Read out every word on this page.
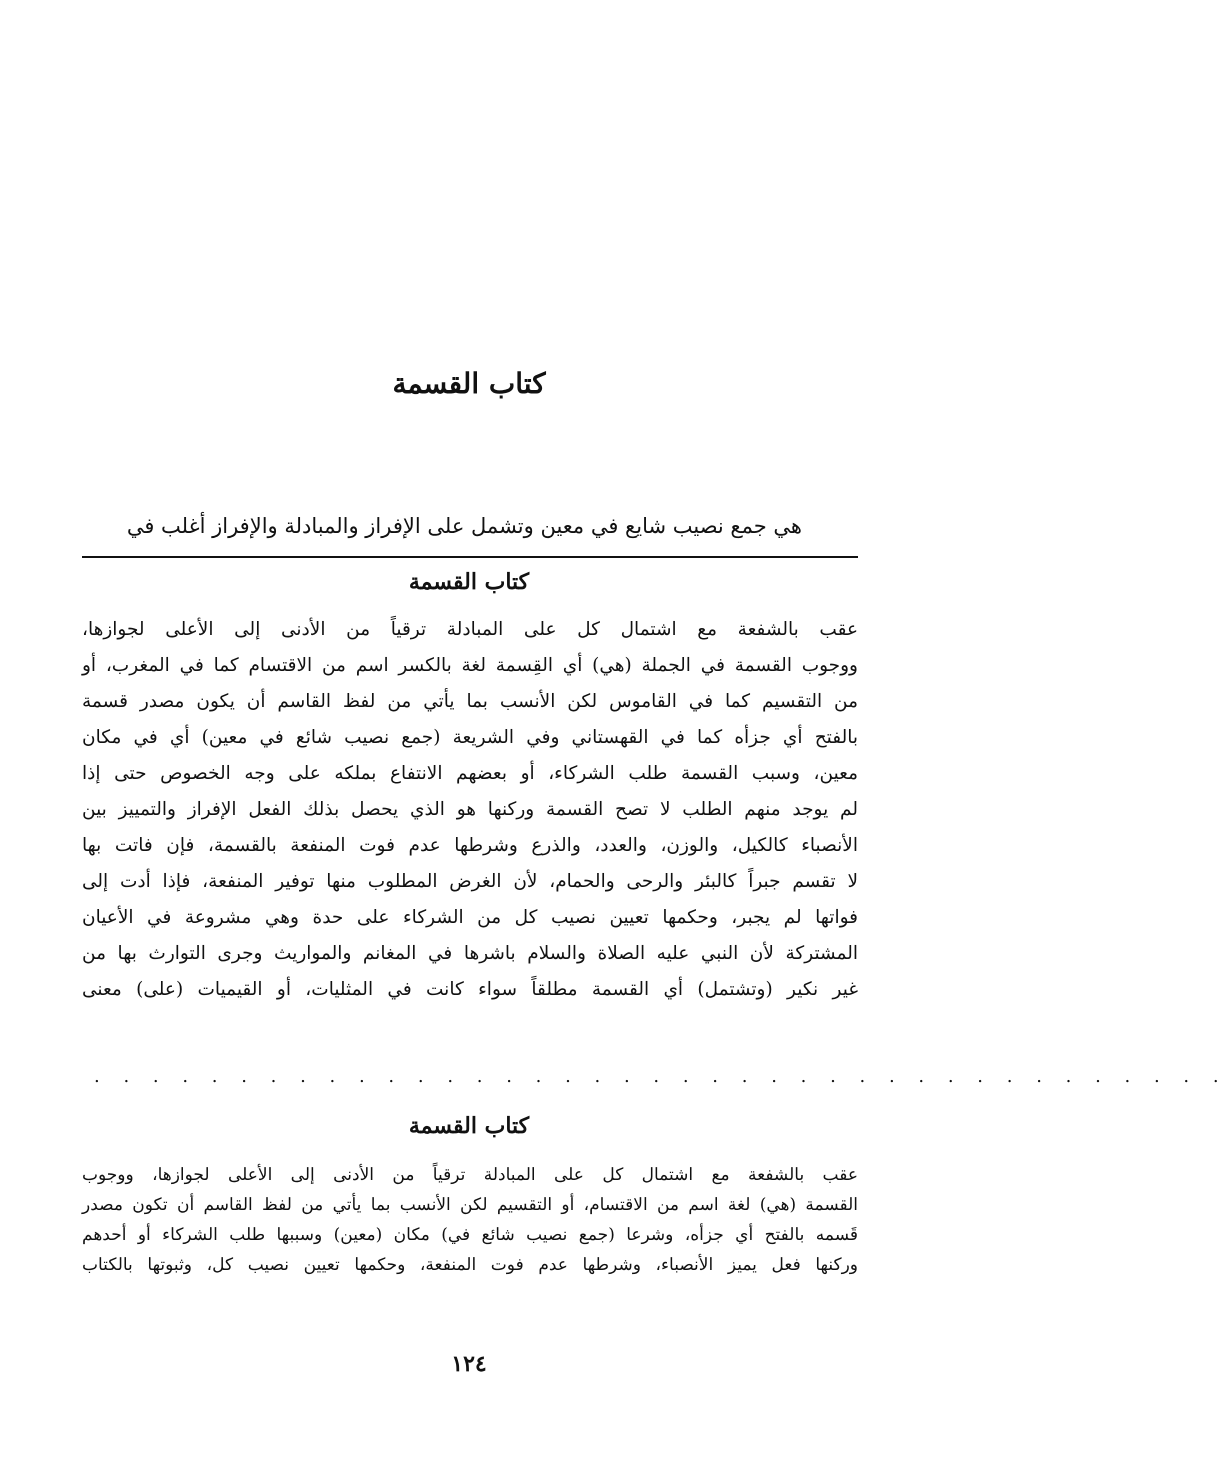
كتاب القسمة
هي جمع نصيب شايع في معين وتشمل على الإفراز والمبادلة والإفراز أغلب في
كتاب القسمة
عقب بالشفعة مع اشتمال كل على المبادلة ترقياً من الأدنى إلى الأعلى لجوازها،
ووجوب القسمة في الجملة (هي) أي القِسمة لغة بالكسر اسم من الاقتسام كما في المغرب، أو
من التقسيم كما في القاموس لكن الأنسب بما يأتي من لفظ القاسم أن يكون مصدر قسمة
بالفتح أي جزأه كما في القهستاني وفي الشريعة (جمع نصيب شائع في معين) أي في مكان
معين، وسبب القسمة طلب الشركاء، أو بعضهم الانتفاع بملكه على وجه الخصوص حتى إذا
لم يوجد منهم الطلب لا تصح القسمة وركنها هو الذي يحصل بذلك الفعل الإفراز والتمييز بين
الأنصباء كالكيل، والوزن، والعدد، والذرع وشرطها عدم فوت المنفعة بالقسمة، فإن فاتت بها
لا تقسم جبراً كالبئر والرحى والحمام، لأن الغرض المطلوب منها توفير المنفعة، فإذا أدت إلى
فواتها لم يجبر، وحكمها تعيين نصيب كل من الشركاء على حدة وهي مشروعة في الأعيان
المشتركة لأن النبي عليه الصلاة والسلام باشرها في المغانم والمواريث وجرى التوارث بها من
غير نكير (وتشتمل) أي القسمة مطلقاً سواء كانت في المثليات، أو القيميات (على) معنى
. . . . . . . . . . . . . . . . . . . . . . . . . . . . . . . . . . . . . . .
كتاب القسمة
عقب بالشفعة مع اشتمال كل على المبادلة ترقياً من الأدنى إلى الأعلى لجوازها، ووجوب
القسمة (هي) لغة اسم من الاقتسام، أو التقسيم لكن الأنسب بما يأتي من لفظ القاسم أن تكون مصدر
قَسمه بالفتح أي جزأه، وشرعا (جمع نصيب شائع في) مكان (معين) وسببها طلب الشركاء أو أحدهم
وركنها فعل يميز الأنصباء، وشرطها عدم فوت المنفعة، وحكمها تعيين نصيب كل، وثبوتها بالكتاب
١٢٤
